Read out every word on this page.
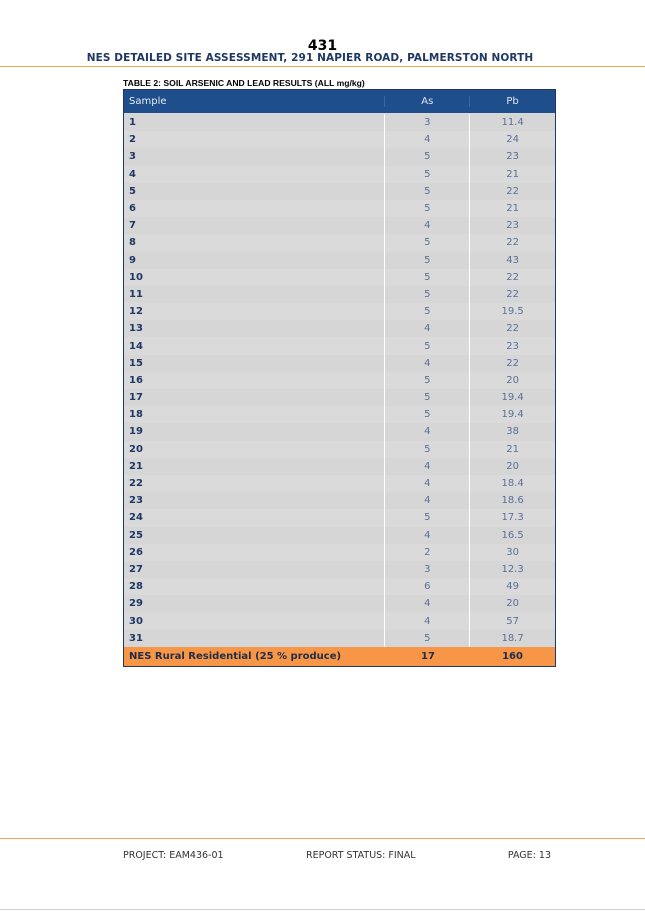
431
NES DETAILED SITE ASSESSMENT, 291 NAPIER ROAD, PALMERSTON NORTH
TABLE 2: SOIL ARSENIC AND LEAD RESULTS (ALL mg/kg)
Sample	As	Pb
1	3	11.4
2	4	24
3	5	23
4	5	21
5	5	22
6	5	21
7	4	23
8	5	22
9	5	43
10	5	22
11	5	22
12	5	19.5
13	4	22
14	5	23
15	4	22
16	5	20
17	5	19.4
18	5	19.4
19	4	38
20	5	21
21	4	20
22	4	18.4
23	4	18.6
24	5	17.3
25	4	16.5
26	2	30
27	3	12.3
28	6	49
29	4	20
30	4	57
31	5	18.7
NES Rural Residential (25 % produce)	17	160
PROJECT: EAM436-01	REPORT STATUS: FINAL	PAGE: 13
